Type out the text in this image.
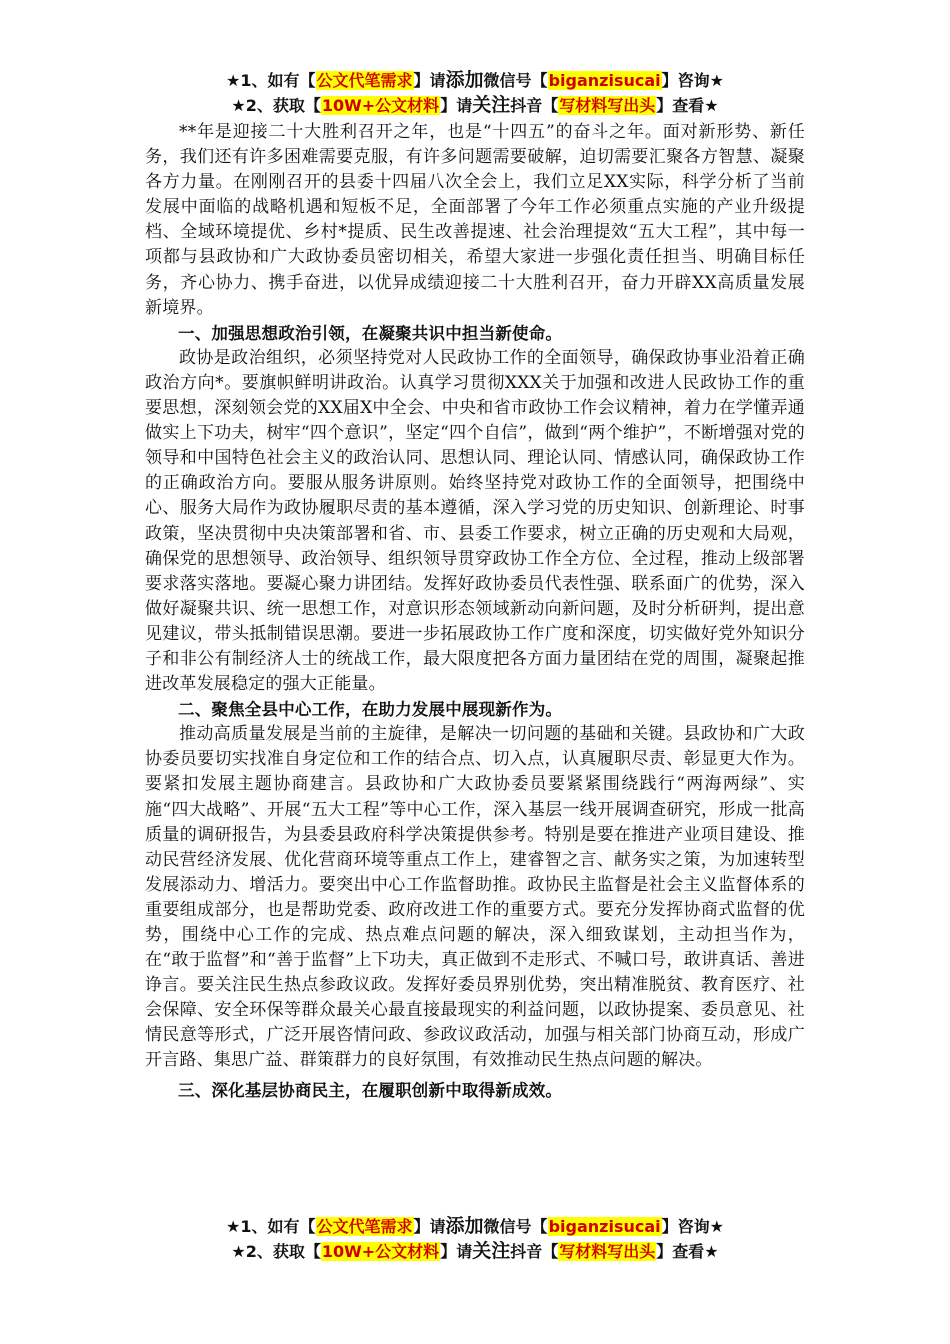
★1、如有【公文代笔需求】请添加微信号【biganzisucai】咨询★
★2、获取【10W+公文材料】请关注抖音【写材料写出头】查看★

**年是迎接二十大胜利召开之年，也是“十四五”的奋斗之年。面对新形势、新任务，我们还有许多困难需要克服，有许多问题需要破解，迫切需要汇聚各方智慧、凝聚各方力量。在刚刚召开的县委十四届八次全会上，我们立足XX实际，科学分析了当前发展中面临的战略机遇和短板不足，全面部署了今年工作必须重点实施的产业升级提档、全域环境提优、乡村*提质、民生改善提速、社会治理提效“五大工程”，其中每一项都与县政协和广大政协委员密切相关，希望大家进一步强化责任担当、明确目标任务，齐心协力、携手奋进，以优异成绩迎接二十大胜利召开，奋力开辟XX高质量发展新境界。

一、加强思想政治引领，在凝聚共识中担当新使命。

政协是政治组织，必须坚持党对人民政协工作的全面领导，确保政协事业沿着正确政治方向*。要旗帜鲜明讲政治。认真学习贯彻XXX关于加强和改进人民政协工作的重要思想，深刻领会党的XX届X中全会、中央和省市政协工作会议精神，着力在学懂弄通做实上下功夫，树牢“四个意识”，坚定“四个自信”，做到“两个维护”，不断增强对党的领导和中国特色社会主义的政治认同、思想认同、理论认同、情感认同，确保政协工作的正确政治方向。要服从服务讲原则。始终坚持党对政协工作的全面领导，把围绕中心、服务大局作为政协履职尽责的基本遵循，深入学习党的历史知识、创新理论、时事政策，坚决贯彻中央决策部署和省、市、县委工作要求，树立正确的历史观和大局观，确保党的思想领导、政治领导、组织领导贯穿政协工作全方位、全过程，推动上级部署要求落实落地。要凝心聚力讲团结。发挥好政协委员代表性强、联系面广的优势，深入做好凝聚共识、统一思想工作，对意识形态领域新动向新问题，及时分析研判，提出意见建议，带头抵制错误思潮。要进一步拓展政协工作广度和深度，切实做好党外知识分子和非公有制经济人士的统战工作，最大限度把各方面力量团结在党的周围，凝聚起推进改革发展稳定的强大正能量。

二、聚焦全县中心工作，在助力发展中展现新作为。

推动高质量发展是当前的主旋律，是解决一切问题的基础和关键。县政协和广大政协委员要切实找准自身定位和工作的结合点、切入点，认真履职尽责、彰显更大作为。要紧扣发展主题协商建言。县政协和广大政协委员要紧紧围绕践行“两海两绿”、实施“四大战略”、开展“五大工程”等中心工作，深入基层一线开展调查研究，形成一批高质量的调研报告，为县委县政府科学决策提供参考。特别是要在推进产业项目建设、推动民营经济发展、优化营商环境等重点工作上，建睿智之言、献务实之策，为加速转型发展添动力、增活力。要突出中心工作监督助推。政协民主监督是社会主义监督体系的重要组成部分，也是帮助党委、政府改进工作的重要方式。要充分发挥协商式监督的优势，围绕中心工作的完成、热点难点问题的解决，深入细致谋划，主动担当作为，在“敢于监督”和“善于监督”上下功夫，真正做到不走形式、不喊口号，敢讲真话、善进诤言。要关注民生热点参政议政。发挥好委员界别优势，突出精准脱贫、教育医疗、社会保障、安全环保等群众最关心最直接最现实的利益问题，以政协提案、委员意见、社情民意等形式，广泛开展咨情问政、参政议政活动，加强与相关部门协商互动，形成广开言路、集思广益、群策群力的良好氛围，有效推动民生热点问题的解决。

三、深化基层协商民主，在履职创新中取得新成效。

★1、如有【公文代笔需求】请添加微信号【biganzisucai】咨询★
★2、获取【10W+公文材料】请关注抖音【写材料写出头】查看★
